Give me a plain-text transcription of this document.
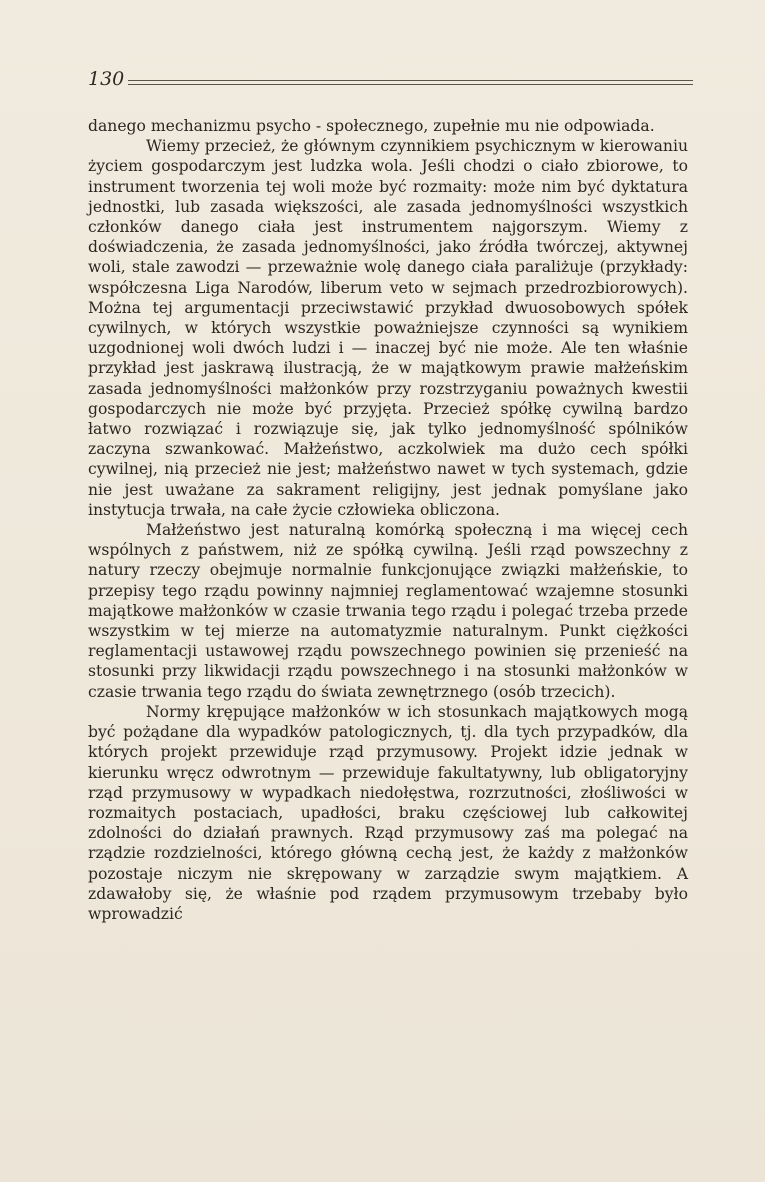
130

danego mechanizmu psycho - społecznego, zupełnie mu nie odpowiada.

Wiemy przecież, że głównym czynnikiem psychicznym w kierowaniu życiem gospodarczym jest ludzka wola. Jeśli chodzi o ciało zbiorowe, to instrument tworzenia tej woli może być rozmaity: może nim być dyktatura jednostki, lub zasada większości, ale zasada jednomyślności wszystkich członków danego ciała jest instrumentem najgorszym. Wiemy z doświadczenia, że zasada jednomyślności, jako źródła twórczej, aktywnej woli, stale zawodzi — przeważnie wolę danego ciała paraliżuje (przykłady: współczesna Liga Narodów, liberum veto w sejmach przedrozbiorowych). Można tej argumentacji przeciwstawić przykład dwuosobowych spółek cywilnych, w których wszystkie poważniejsze czynności są wynikiem uzgodnionej woli dwóch ludzi i — inaczej być nie może. Ale ten właśnie przykład jest jaskrawą ilustracją, że w majątkowym prawie małżeńskim zasada jednomyślności małżonków przy rozstrzyganiu poważnych kwestii gospodarczych nie może być przyjęta. Przecież spółkę cywilną bardzo łatwo rozwiązać i rozwiązuje się, jak tylko jednomyślność spólników zaczyna szwankować. Małżeństwo, aczkolwiek ma dużo cech spółki cywilnej, nią przecież nie jest; małżeństwo nawet w tych systemach, gdzie nie jest uważane za sakrament religijny, jest jednak pomyślane jako instytucja trwała, na całe życie człowieka obliczona.

Małżeństwo jest naturalną komórką społeczną i ma więcej cech wspólnych z państwem, niż ze spółką cywilną. Jeśli rząd powszechny z natury rzeczy obejmuje normalnie funkcjonujące związki małżeńskie, to przepisy tego rządu powinny najmniej reglamentować wzajemne stosunki majątkowe małżonków w czasie trwania tego rządu i polegać trzeba przede wszystkim w tej mierze na automatyzmie naturalnym. Punkt ciężkości reglamentacji ustawowej rządu powszechnego powinien się przenieść na stosunki przy likwidacji rządu powszechnego i na stosunki małżonków w czasie trwania tego rządu do świata zewnętrznego (osób trzecich).

Normy krępujące małżonków w ich stosunkach majątkowych mogą być pożądane dla wypadków patologicznych, tj. dla tych przypadków, dla których projekt przewiduje rząd przymusowy. Projekt idzie jednak w kierunku wręcz odwrotnym — przewiduje fakultatywny, lub obligatoryjny rząd przymusowy w wypadkach niedołęstwa, rozrzutności, złośliwości w rozmaitych postaciach, upadłości, braku częściowej lub całkowitej zdolności do działań prawnych. Rząd przymusowy zaś ma polegać na rządzie rozdzielności, którego główną cechą jest, że każdy z małżonków pozostaje niczym nie skrępowany w zarządzie swym majątkiem. A zdawałoby się, że właśnie pod rządem przymusowym trzebaby było wprowadzić
